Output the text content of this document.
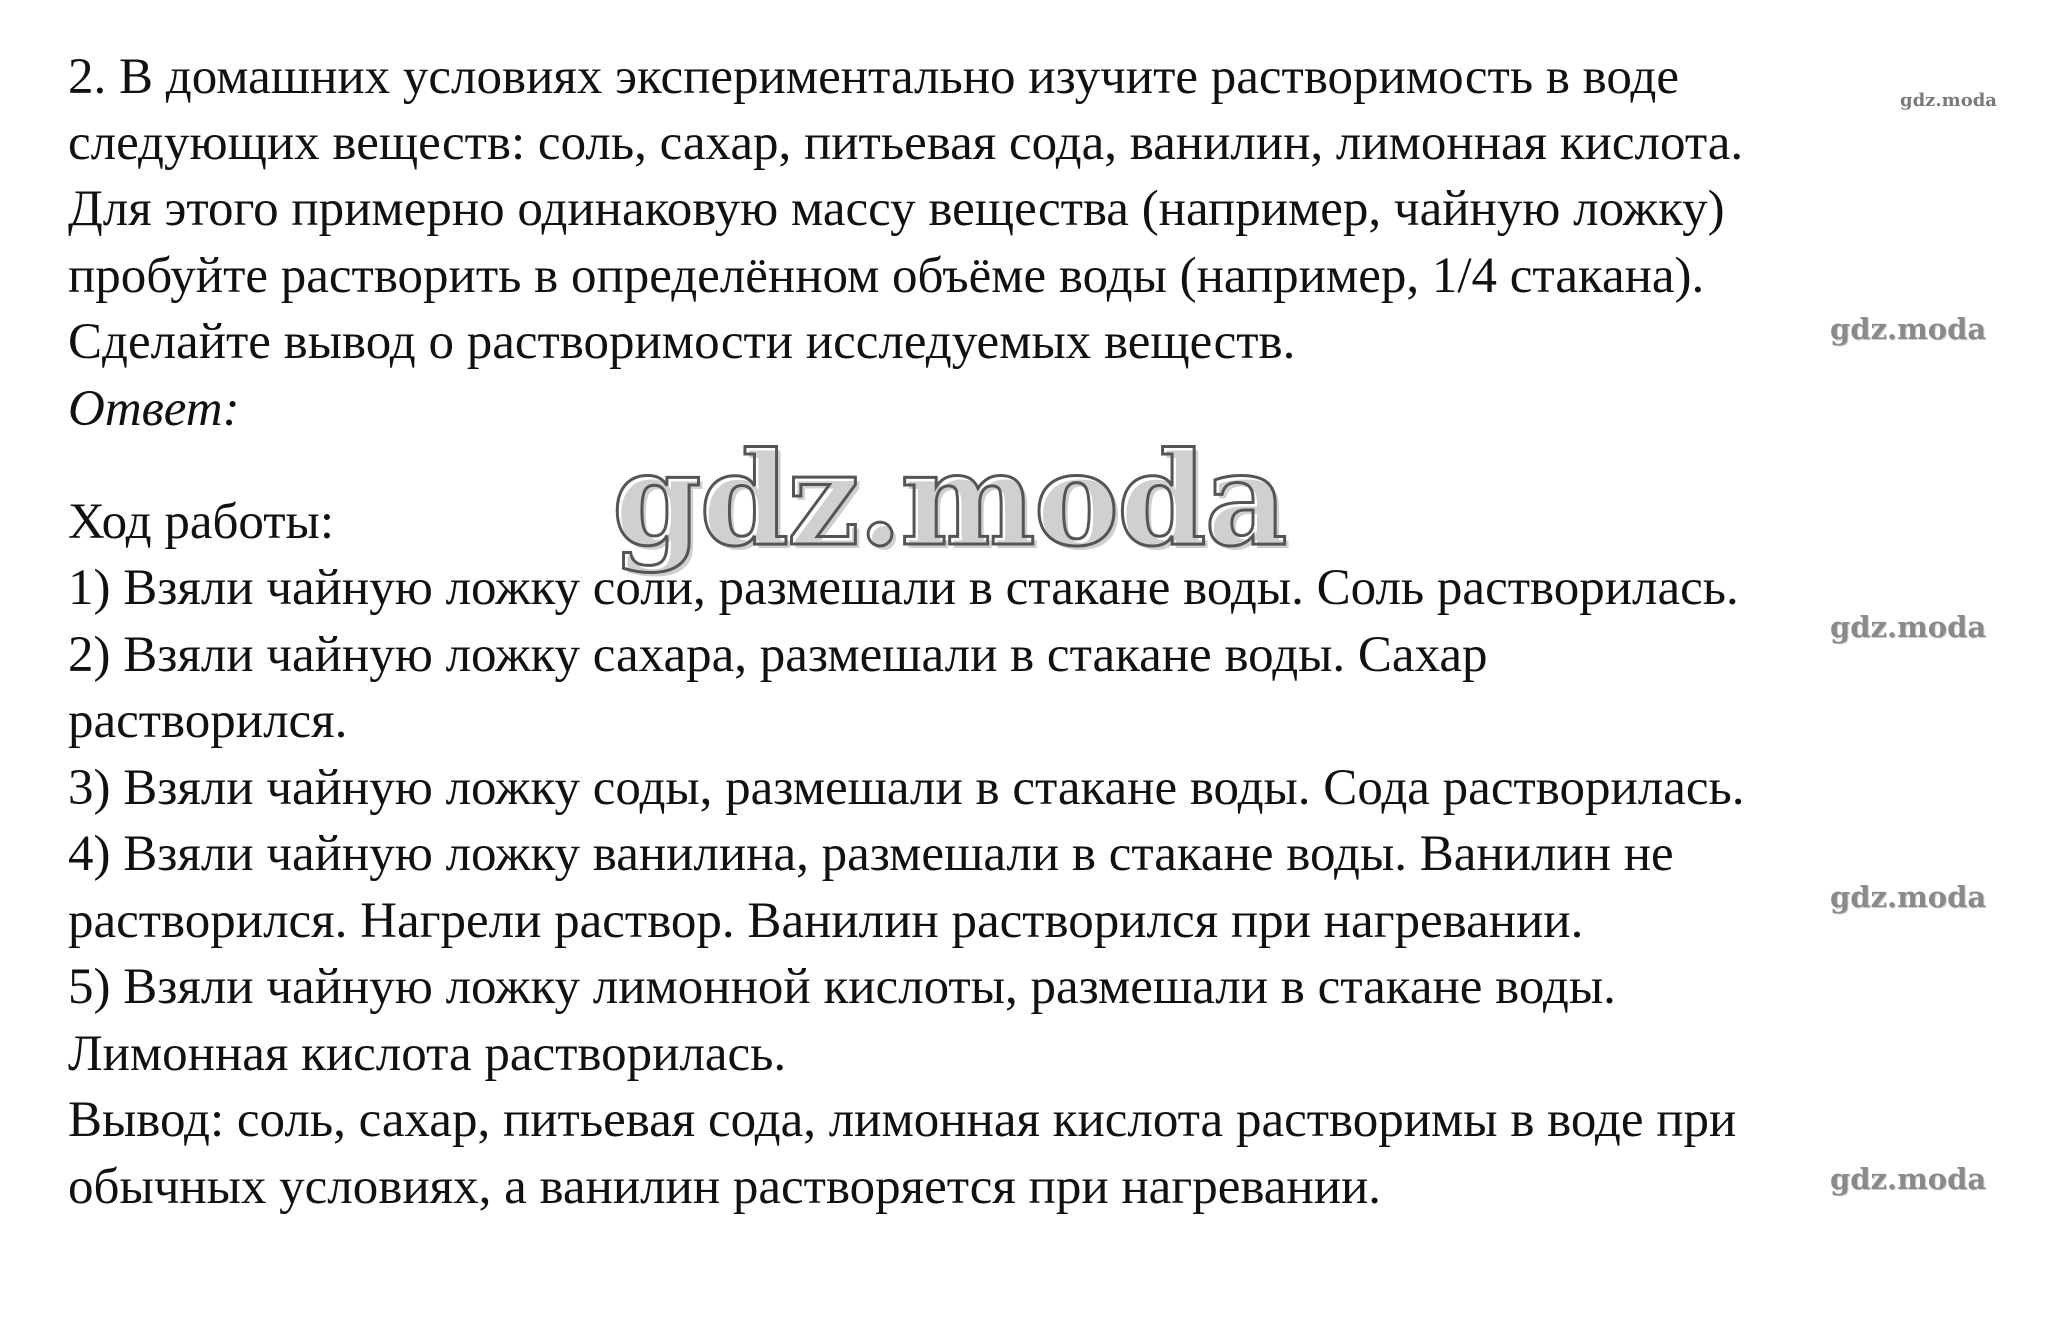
2. В домашних условиях экспериментально изучите растворимость в воде
следующих веществ: соль, сахар, питьевая сода, ванилин, лимонная кислота.
Для этого примерно одинаковую массу вещества (например, чайную ложку)
пробуйте растворить в определённом объёме воды (например, 1/4 стакана).
Сделайте вывод о растворимости исследуемых веществ.
Ответ:
Ход работы:
1) Взяли чайную ложку соли, размешали в стакане воды. Соль растворилась.
2) Взяли чайную ложку сахара, размешали в стакане воды. Сахар
растворился.
3) Взяли чайную ложку соды, размешали в стакане воды. Сода растворилась.
4) Взяли чайную ложку ванилина, размешали в стакане воды. Ванилин не
растворился. Нагрели раствор. Ванилин растворился при нагревании.
5) Взяли чайную ложку лимонной кислоты, размешали в стакане воды.
Лимонная кислота растворилась.
Вывод: соль, сахар, питьевая сода, лимонная кислота растворимы в воде при
обычных условиях, а ванилин растворяется при нагревании.
gdz.moda
gdz.moda
gdz.moda
gdz.moda
gdz.moda
gdz.moda
